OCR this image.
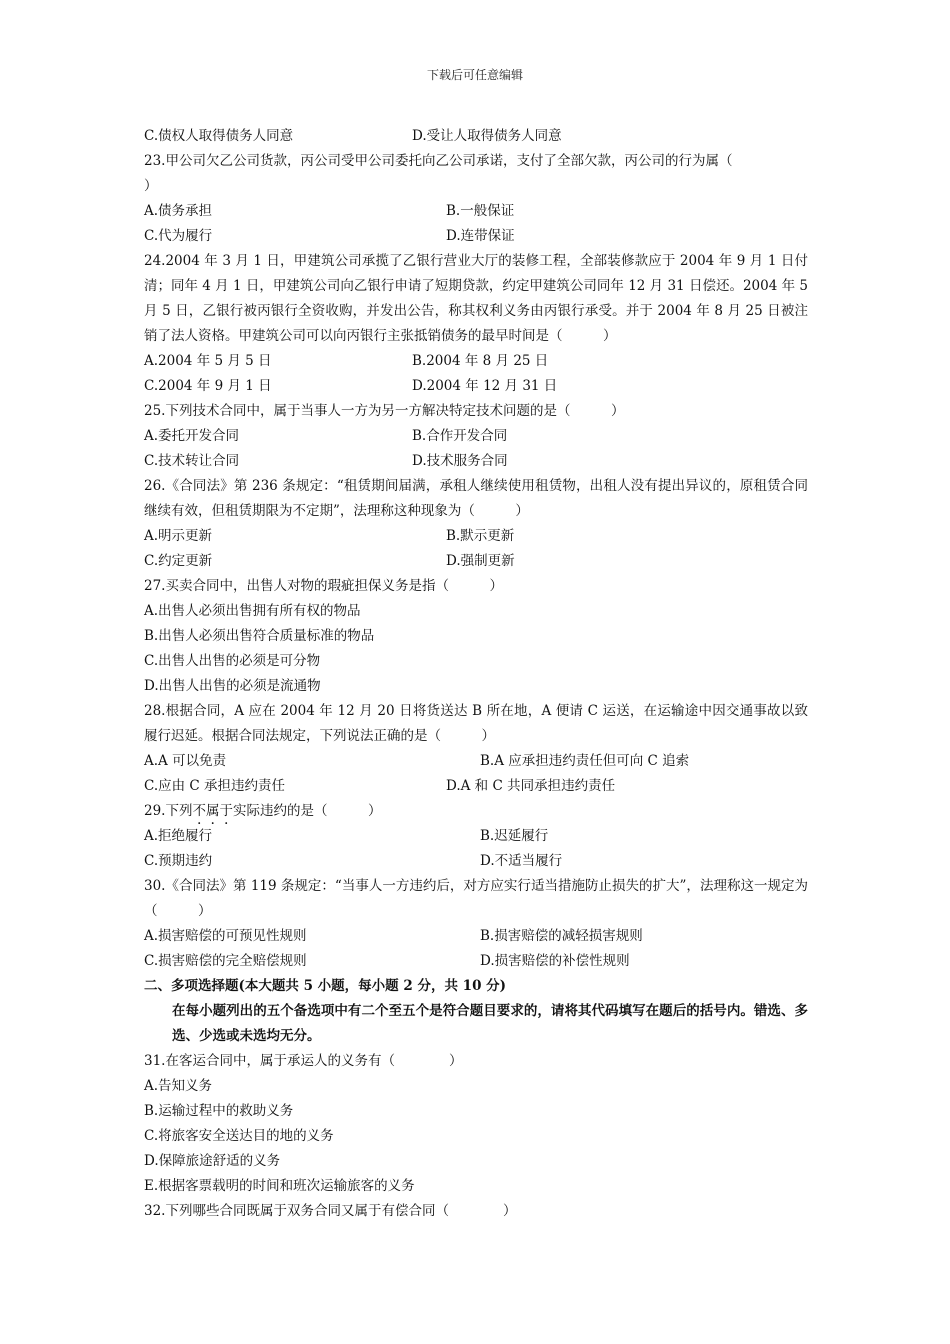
下载后可任意编辑
C.债权人取得债务人同意	D.受让人取得债务人同意
23.甲公司欠乙公司货款，丙公司受甲公司委托向乙公司承诺，支付了全部欠款，丙公司的行为属（
）
A.债务承担	B.一般保证
C.代为履行	D.连带保证
24.2004 年 3 月 1 日，甲建筑公司承揽了乙银行营业大厅的装修工程，全部装修款应于 2004 年 9 月 1 日付清；同年 4 月 1 日，甲建筑公司向乙银行申请了短期贷款，约定甲建筑公司同年 12 月 31 日偿还。2004 年 5 月 5 日，乙银行被丙银行全资收购，并发出公告，称其权利义务由丙银行承受。并于 2004 年 8 月 25 日被注销了法人资格。甲建筑公司可以向丙银行主张抵销债务的最早时间是（　　　）
A.2004 年 5 月 5 日	B.2004 年 8 月 25 日
C.2004 年 9 月 1 日	D.2004 年 12 月 31 日
25.下列技术合同中，属于当事人一方为另一方解决特定技术问题的是（　　　）
A.委托开发合同	B.合作开发合同
C.技术转让合同	D.技术服务合同
26.《合同法》第 236 条规定：“租赁期间届满，承租人继续使用租赁物，出租人没有提出异议的，原租赁合同继续有效，但租赁期限为不定期”，法理称这种现象为（　　　）
A.明示更新	B.默示更新
C.约定更新	D.强制更新
27.买卖合同中，出售人对物的瑕疵担保义务是指（　　　）
A.出售人必须出售拥有所有权的物品
B.出售人必须出售符合质量标准的物品
C.出售人出售的必须是可分物
D.出售人出售的必须是流通物
28.根据合同，A 应在 2004 年 12 月 20 日将货送达 B 所在地，A 便请 C 运送，在运输途中因交通事故以致履行迟延。根据合同法规定，下列说法正确的是（　　　）
A.A 可以免责	B.A 应承担违约责任但可向 C 追索
C.应由 C 承担违约责任	D.A 和 C 共同承担违约责任
29.下列不属于实际违约的是（　　　）
A.拒绝履行	B.迟延履行
C.预期违约	D.不适当履行
30.《合同法》第 119 条规定：“当事人一方违约后，对方应实行适当措施防止损失的扩大”，法理称这一规定为（　　　）
A.损害赔偿的可预见性规则	B.损害赔偿的减轻损害规则
C.损害赔偿的完全赔偿规则	D.损害赔偿的补偿性规则
二、多项选择题(本大题共 5 小题，每小题 2 分，共 10 分)
在每小题列出的五个备选项中有二个至五个是符合题目要求的，请将其代码填写在题后的括号内。错选、多选、少选或未选均无分。
31.在客运合同中，属于承运人的义务有（　　　　）
A.告知义务
B.运输过程中的救助义务
C.将旅客安全送达目的地的义务
D.保障旅途舒适的义务
E.根据客票载明的时间和班次运输旅客的义务
32.下列哪些合同既属于双务合同又属于有偿合同（　　　　）
